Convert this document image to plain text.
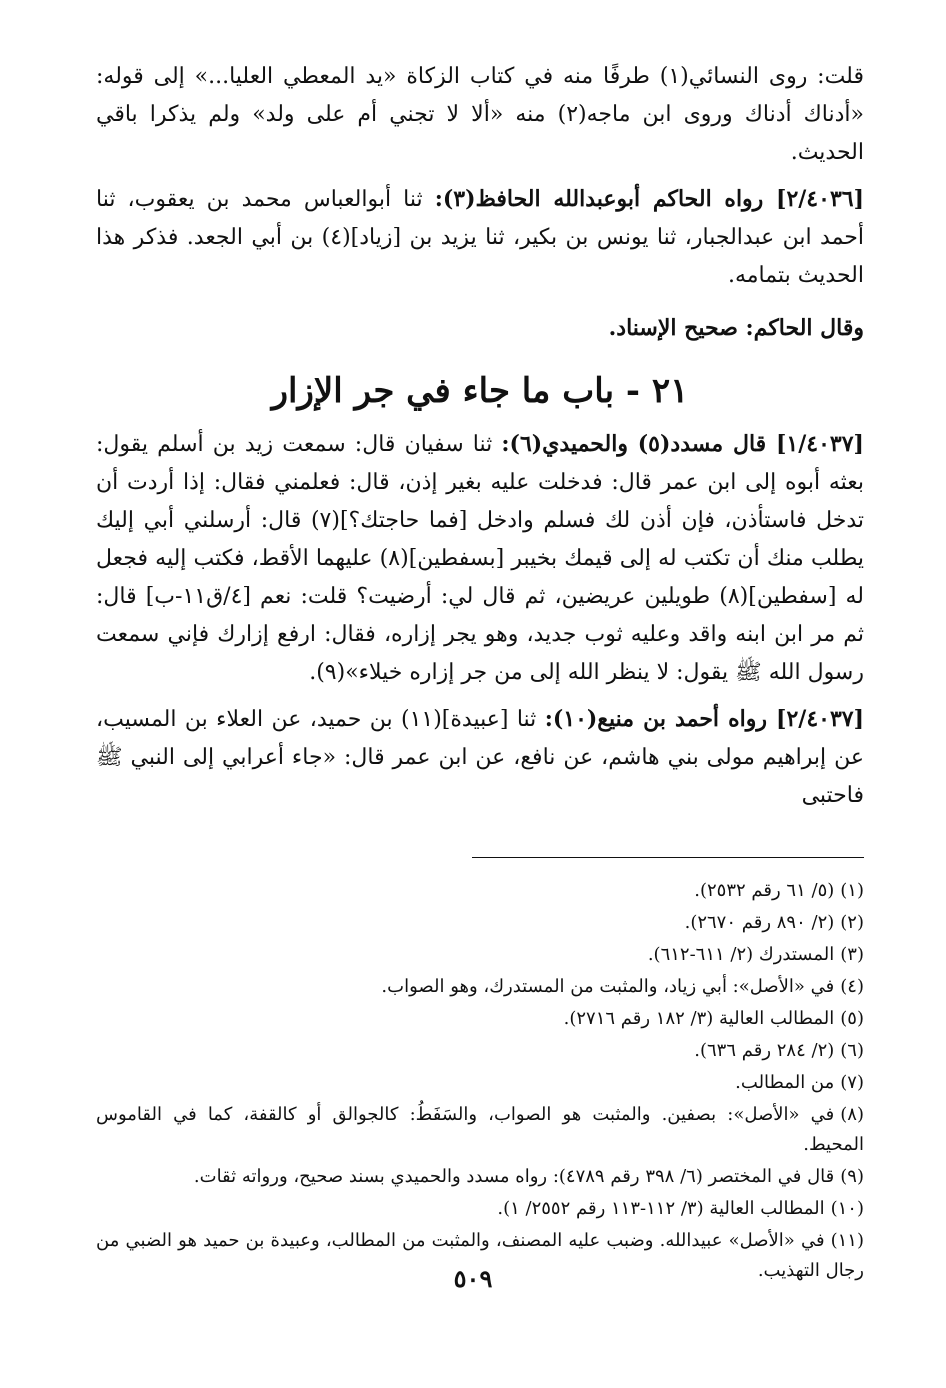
قلت: روى النسائي(١) طرفًا منه في كتاب الزكاة «يد المعطي العليا...» إلى قوله: «أدناك أدناك وروى ابن ماجه(٢) منه «ألا لا تجني أم على ولد» ولم يذكرا باقي الحديث.

[٢/٤٠٣٦] رواه الحاكم أبوعبدالله الحافظ(٣): ثنا أبوالعباس محمد بن يعقوب، ثنا أحمد ابن عبدالجبار، ثنا يونس بن بكير، ثنا يزيد بن [زياد](٤) بن أبي الجعد. فذكر هذا الحديث بتمامه.

وقال الحاكم: صحيح الإسناد.

٢١ - باب ما جاء في جر الإزار

[١/٤٠٣٧] قال مسدد(٥) والحميدي(٦): ثنا سفيان قال: سمعت زيد بن أسلم يقول: بعثه أبوه إلى ابن عمر قال: فدخلت عليه بغير إذن، قال: فعلمني فقال: إذا أردت أن تدخل فاستأذن، فإن أذن لك فسلم وادخل [فما حاجتك؟](٧) قال: أرسلني أبي إليك يطلب منك أن تكتب له إلى قيمك بخيبر [بسفطين](٨) عليهما الأقط، فكتب إليه فجعل له [سفطين](٨) طويلين عريضين، ثم قال لي: أرضيت؟ قلت: نعم [٤/ق١١-ب] قال: ثم مر ابن ابنه واقد وعليه ثوب جديد، وهو يجر إزاره، فقال: ارفع إزارك فإني سمعت رسول الله ﷺ يقول: لا ينظر الله إلى من جر إزاره خيلاء»(٩).

[٢/٤٠٣٧] رواه أحمد بن منيع(١٠): ثنا [عبيدة](١١) بن حميد، عن العلاء بن المسيب، عن إبراهيم مولى بني هاشم، عن نافع، عن ابن عمر قال: «جاء أعرابي إلى النبي ﷺ فاحتبى

(١)(٥/ ٦١ رقم ٢٥٣٢).
(٢)(٢/ ٨٩٠ رقم ٢٦٧٠).
(٣)المستدرك (٢/ ٦١١-٦١٢).
(٤)في «الأصل»: أبي زياد، والمثبت من المستدرك، وهو الصواب.
(٥)المطالب العالية (٣/ ١٨٢ رقم ٢٧١٦).
(٦)(٢/ ٢٨٤ رقم ٦٣٦).
(٧)من المطالب.
(٨)في «الأصل»: بصفين. والمثبت هو الصواب، والسَفَطُ: كالجوالق أو كالقفة، كما في القاموس المحيط.
(٩)قال في المختصر (٦/ ٣٩٨ رقم ٤٧٨٩): رواه مسدد والحميدي بسند صحيح، ورواته ثقات.
(١٠)المطالب العالية (٣/ ١١٢-١١٣ رقم ٢٥٥٢/ ١).
(١١)في «الأصل» عبيدالله. وضبب عليه المصنف، والمثبت من المطالب، وعبيدة بن حميد هو الضبي من رجال التهذيب.
٥٠٩
